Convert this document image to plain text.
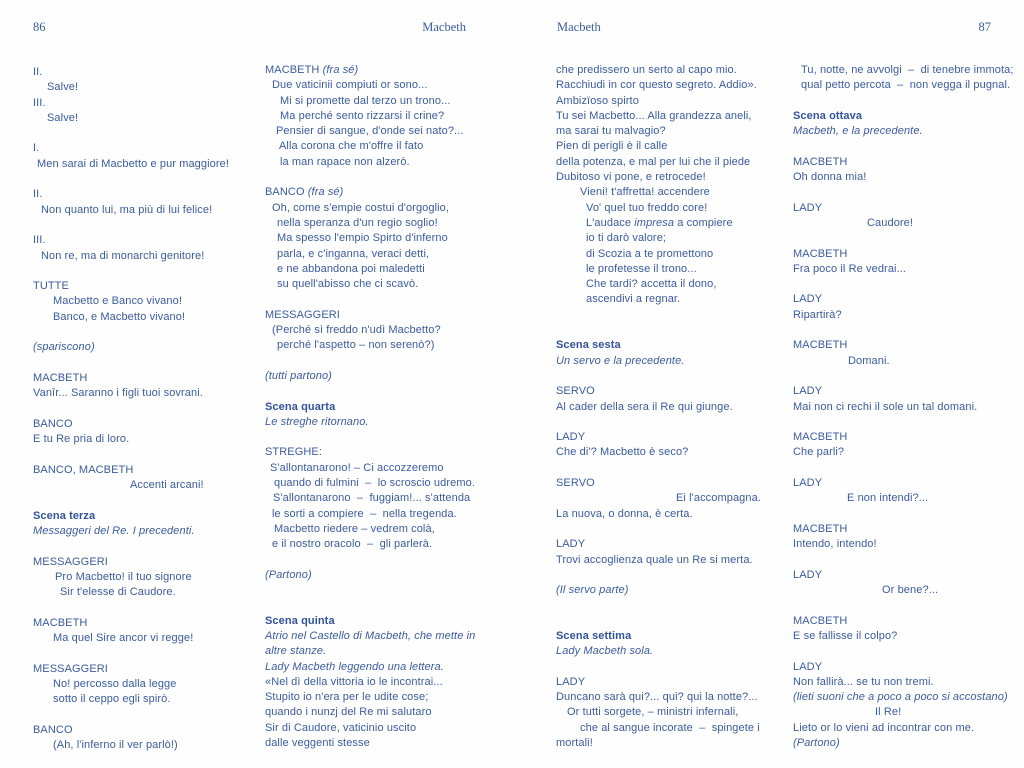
86	Macbeth	Macbeth	87
II.
Salve!
III.
Salve!

I.
Men sarai di Macbetto e pur maggiore!

II.
Non quanto lui, ma più di lui felice!

III.
Non re, ma di monarchi genitore!

TUTTE
Macbetto e Banco vivano!
Banco, e Macbetto vivano!

(spariscono)

MACBETH
Vanîr... Saranno i figli tuoi sovrani.

BANCO
E tu Re pria di loro.

BANCO, MACBETH
Accenti arcani!

Scena terza
Messaggeri del Re. I precedenti.

MESSAGGERI
Pro Macbetto! il tuo signore
Sir t'elesse di Caudore.

MACBETH
Ma quel Sire ancor vi regge!

MESSAGGERI
No! percosso dalla legge
sotto il ceppo egli spirò.

BANCO
(Ah, l'inferno il ver parlò!)
MACBETH (fra sé)
Due vaticinii compiuti or sono...
Mi si promette dal terzo un trono...
Ma perché sento rizzarsi il crine?
Pensier di sangue, d'onde sei nato?...
Alla corona che m'offre il fato
la man rapace non alzerò.

BANCO (fra sé)
Oh, come s'empie costui d'orgoglio,
nella speranza d'un regio soglio!
Ma spesso l'empio Spirto d'inferno
parla, e c'inganna, veraci detti,
e ne abbandona poi maledetti
su quell'abisso che ci scavò.

MESSAGGERI
(Perché sì freddo n'udì Macbetto?
perché l'aspetto – non serenò?)

(tutti partono)

Scena quarta
Le streghe ritornano.

STREGHE:
S'allontanarono! – Ci accozzeremo
quando di fulmini  –  lo scroscio udremo.
S'allontanarono  –  fuggiam!... s'attenda
le sorti a compiere  –  nella tregenda.
Macbetto riedere – vedrem colà,
e il nostro oracolo  –  gli parlerà.

(Partono)

Scena quinta
Atrio nel Castello di Macbeth, che mette in
altre stanze.
Lady Macbeth leggendo una lettera.
«Nel dì della vittoria io le incontrai...
Stupito io n'era per le udite cose;
quando i nunzj del Re mi salutaro
Sir di Caudore, vaticinio uscito
dalle veggenti stesse
che predissero un serto al capo mio.
Racchiudi in cor questo segreto. Addio».
Ambizïoso spirto
Tu sei Macbetto... Alla grandezza aneli,
ma sarai tu malvagio?
Pien di perigli è il calle
della potenza, e mal per lui che il piede
Dubitoso vi pone, e retrocede!
Vieni! t'affretta! accendere
Vo' quel tuo freddo core!
L'audace impresa a compiere
io ti darò valore;
di Scozia a te promettono
le profetesse il trono...
Che tardi? accetta il dono,
ascendivi a regnar.

Scena sesta
Un servo e la precedente.

SERVO
Al cader della sera il Re qui giunge.

LADY
Che di'? Macbetto è seco?

SERVO
Ei l'accompagna.
La nuova, o donna, è certa.

LADY
Trovi accoglienza quale un Re si merta.

(Il servo parte)

Scena settima
Lady Macbeth sola.

LADY
Duncano sarà qui?... qui? qui la notte?...
Or tutti sorgete, – ministri infernali,
che al sangue incorate  –  spingete i
mortali!
Tu, notte, ne avvolgi  –  di tenebre immota;
qual petto percota  –  non vegga il pugnal.

Scena ottava
Macbeth, e la precedente.

MACBETH
Oh donna mia!

LADY
Caudore!

MACBETH
Fra poco il Re vedrai...

LADY
Ripartirà?

MACBETH
Domani.

LADY
Mai non ci rechi il sole un tal domani.

MACBETH
Che parli?

LADY
E non intendi?...

MACBETH
Intendo, intendo!

LADY
Or bene?...

MACBETH
E se fallisse il colpo?

LADY
Non fallirà... se tu non tremi.
(lieti suoni che a poco a poco si accostano)
Il Re!
Lieto or lo vieni ad incontrar con me.
(Partono)
